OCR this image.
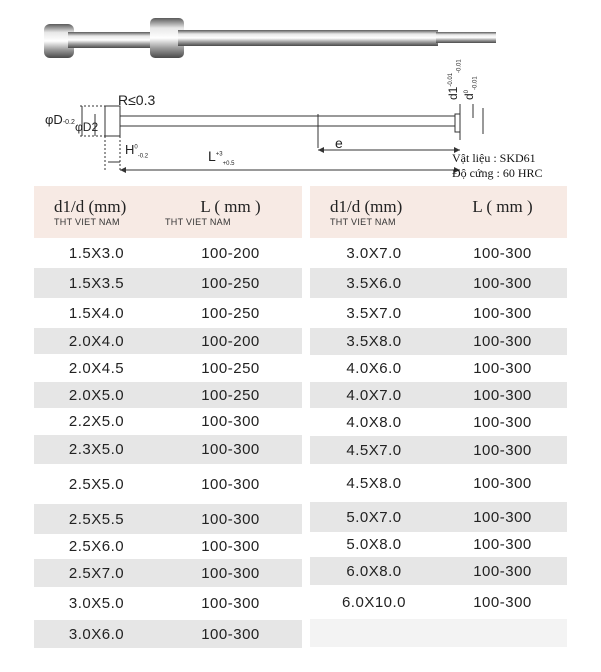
R≤0.3
φD-0.2 φD2
$H^0_{-0.2}$	$L^{+3}_{+0.5}$
e
$d1^{-0.01}_{-0.01}$
$d^0_{-0.01}$
Vật liệu : SKD61
Độ cứng : 60 HRC
d1/d (mm)
THT VIET NAM	L ( mm )
THT VIET NAM

1.5X3.0	100-200
1.5X3.5	100-250
1.5X4.0	100-250
2.0X4.0	100-200
2.0X4.5	100-250
2.0X5.0	100-250
2.2X5.0	100-300
2.3X5.0	100-300
2.5X5.0	100-300
2.5X5.5	100-300
2.5X6.0	100-300
2.5X7.0	100-300
3.0X5.0	100-300
3.0X6.0	100-300
d1/d (mm)
THT VIET NAM	L ( mm )

3.0X7.0	100-300
3.5X6.0	100-300
3.5X7.0	100-300
3.5X8.0	100-300
4.0X6.0	100-300
4.0X7.0	100-300
4.0X8.0	100-300
4.5X7.0	100-300
4.5X8.0	100-300
5.0X7.0	100-300
5.0X8.0	100-300
6.0X8.0	100-300
6.0X10.0	100-300
